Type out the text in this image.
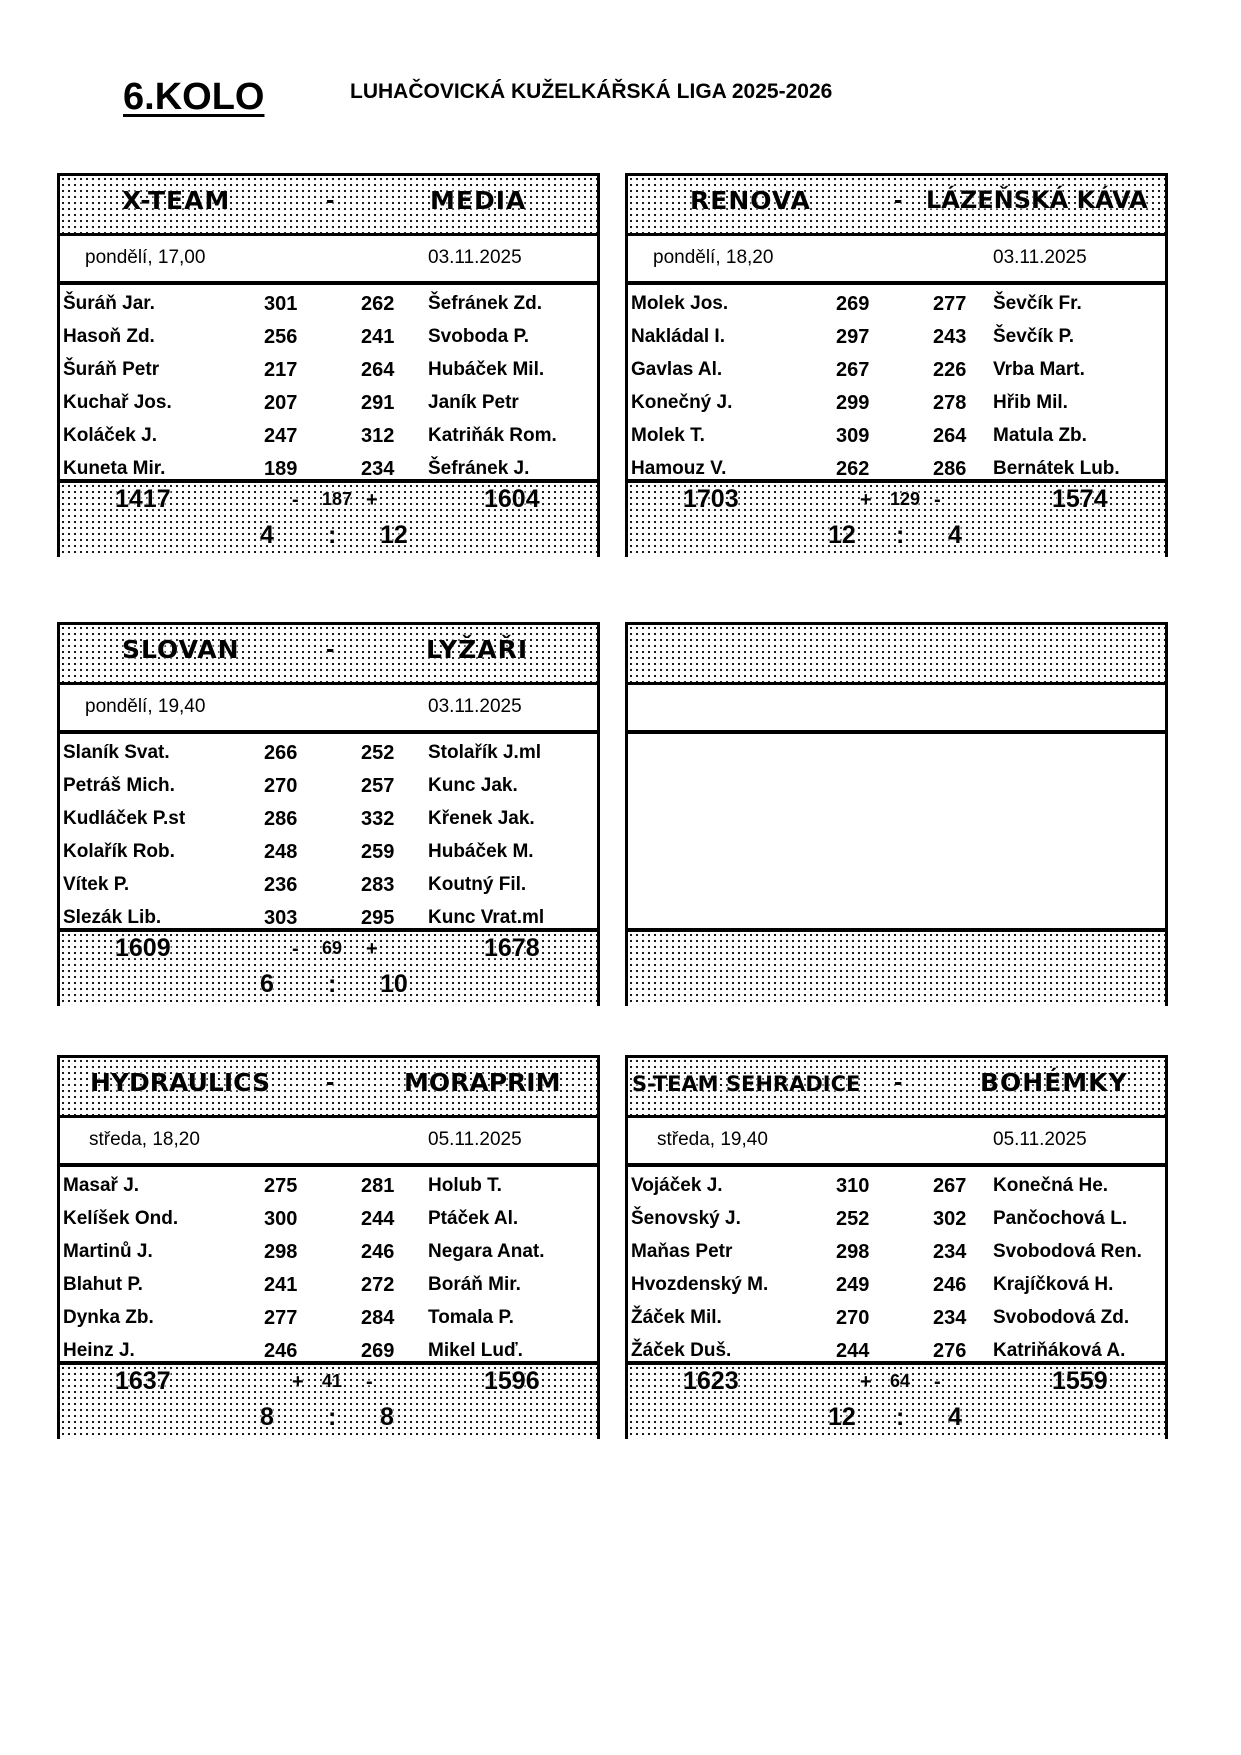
6.KOLO	LUHAČOVICKÁ KUŽELKÁŘSKÁ LIGA 2025-2026
X-TEAM	-	MEDIA
pondělí, 17,00	03.11.2025
Šuráň Jar.	301	262 Šefránek Zd.
Hasoň Zd.	256	241 Svoboda P.
Šuráň Petr	217	264 Hubáček Mil.
Kuchař Jos.	207	291 Janík Petr
Koláček J.	247	312 Katriňák Rom.
Kuneta Mir.	189	234 Šefránek J.
1417	- 187 +	1604
4 : 12
RENOVA	- LÁZEŇSKÁ KÁVA
pondělí, 18,20	03.11.2025
Molek Jos.	269	277 Ševčík Fr.
Nakládal I.	297	243 Ševčík P.
Gavlas Al.	267	226 Vrba Mart.
Konečný J.	299	278 Hřib Mil.
Molek T.	309	264 Matula Zb.
Hamouz V.	262	286 Bernátek Lub.
1703	+ 129 -	1574
12 : 4
SLOVAN	-	LYŽAŘI
pondělí, 19,40	03.11.2025
Slaník Svat.	266	252 Stolařík J.ml
Petráš Mich.	270	257 Kunc Jak.
Kudláček P.st	286	332 Křenek Jak.
Kolařík Rob.	248	259 Hubáček M.
Vítek P.	236	283 Koutný Fil.
Slezák Lib.	303	295 Kunc Vrat.ml
1609	- 69 +	1678
6 : 10
HYDRAULICS -	MORAPRIM
středa, 18,20	05.11.2025
Masař J.	275	281 Holub T.
Kelíšek Ond.	300	244 Ptáček Al.
Martinů J.	298	246 Negara Anat.
Blahut P.	241	272 Boráň Mir.
Dynka Zb.	277	284 Tomala P.
Heinz J.	246	269 Mikel Luď.
1637	+ 41 -	1596
8 : 8
S-TEAM SEHRADICE -	BOHÉMKY
středa, 19,40	05.11.2025
Vojáček J.	310	267 Konečná He.
Šenovský J.	252	302 Pančochová L.
Maňas Petr	298	234 Svobodová Ren.
Hvozdenský M.	249	246 Krajíčková H.
Žáček Mil.	270	234 Svobodová Zd.
Žáček Duš.	244	276 Katriňáková A.
1623	+ 64 -	1559
12 : 4
